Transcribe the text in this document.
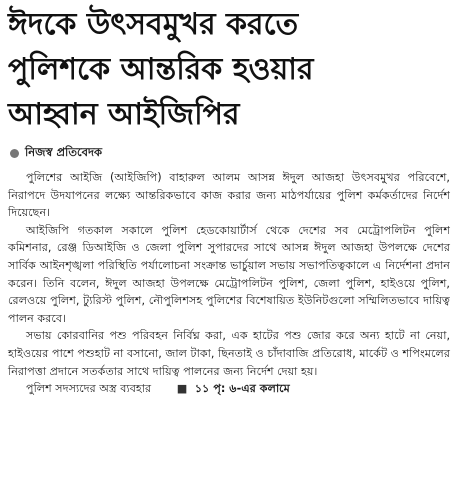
ঈদকে উৎসবমুখর করতে
পুলিশকে আন্তরিক হওয়ার
আহ্বান আইজিপির
নিজস্ব প্রতিবেদক

পুলিশের আইজি (আইজিপি) বাহারুল আলম আসন্ন ঈদুল আজহা উৎসবমুখর পরিবেশে, নিরাপদে উদযাপনের লক্ষ্যে আন্তরিকভাবে কাজ করার জন্য মাঠপর্যায়ের পুলিশ কর্মকর্তাদের নির্দেশ দিয়েছেন।

আইজিপি গতকাল সকালে পুলিশ হেডকোয়ার্টার্স থেকে দেশের সব মেট্রোপলিটন পুলিশ কমিশনার, রেঞ্জ ডিআইজি ও জেলা পুলিশ সুপারদের সাথে আসন্ন ঈদুল আজহা উপলক্ষে দেশের সার্বিক আইনশৃঙ্খলা পরিস্থিতি পর্যালোচনা সংক্রান্ত ভার্চুয়াল সভায় সভাপতিত্বকালে এ নির্দেশনা প্রদান করেন। তিনি বলেন, ঈদুল আজহা উপলক্ষে মেট্রোপলিটন পুলিশ, জেলা পুলিশ, হাইওয়ে পুলিশ, রেলওয়ে পুলিশ, ট্যুরিস্ট পুলিশ, নৌপুলিশসহ পুলিশের বিশেষায়িত ইউনিটগুলো সম্মিলিতভাবে দায়িত্ব পালন করবে।

সভায় কোরবানির পশু পরিবহন নির্বিঘ্ন করা, এক হাটের পশু জোর করে অন্য হাটে না নেয়া, হাইওয়ের পাশে পশুহাট না বসানো, জাল টাকা, ছিনতাই ও চাঁদাবাজি প্রতিরোধ, মার্কেট ও শপিংমলের নিরাপত্তা প্রদানে সতর্কতার সাথে দায়িত্ব পালনের জন্য নির্দেশ দেয়া হয়।

পুলিশ সদস্যদের অস্ত্র ব্যবহার ■ ১১ পৃ: ৬-এর কলামে
